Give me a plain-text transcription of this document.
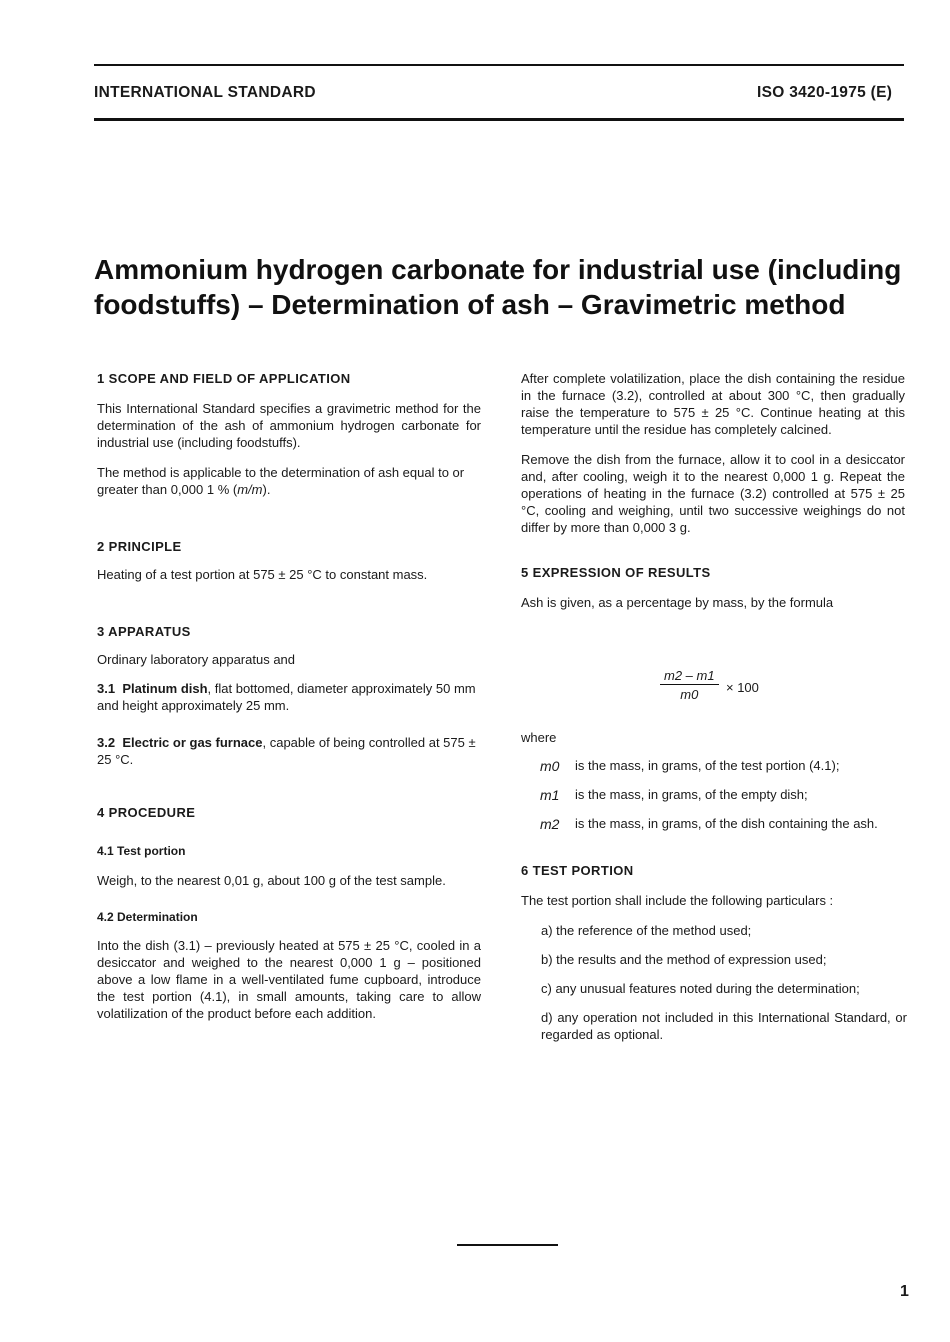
INTERNATIONAL STANDARD	ISO 3420-1975 (E)
Ammonium hydrogen carbonate for industrial use (including
foodstuffs) – Determination of ash – Gravimetric method

1 SCOPE AND FIELD OF APPLICATION

This International Standard specifies a gravimetric method for the determination of the ash of ammonium hydrogen carbonate for industrial use (including foodstuffs).

The method is applicable to the determination of ash equal to or greater than 0,000 1 % (m/m).

2 PRINCIPLE

Heating of a test portion at 575 ± 25 °C to constant mass.

3 APPARATUS

Ordinary laboratory apparatus and

3.1 Platinum dish, flat bottomed, diameter approximately 50 mm and height approximately 25 mm.

3.2 Electric or gas furnace, capable of being controlled at 575 ± 25 °C.

4 PROCEDURE

4.1 Test portion

Weigh, to the nearest 0,01 g, about 100 g of the test sample.

4.2 Determination

Into the dish (3.1) – previously heated at 575 ± 25 °C, cooled in a desiccator and weighed to the nearest 0,000 1 g – positioned above a low flame in a well-ventilated fume cupboard, introduce the test portion (4.1), in small amounts, taking care to allow volatilization of the product before each addition.

After complete volatilization, place the dish containing the residue in the furnace (3.2), controlled at about 300 °C, then gradually raise the temperature to 575 ± 25 °C. Continue heating at this temperature until the residue has completely calcined.

Remove the dish from the furnace, allow it to cool in a desiccator and, after cooling, weigh it to the nearest 0,000 1 g. Repeat the operations of heating in the furnace (3.2) controlled at 575 ± 25 °C, cooling and weighing, until two successive weighings do not differ by more than 0,000 3 g.

5 EXPRESSION OF RESULTS

Ash is given, as a percentage by mass, by the formula

$\frac{m2 - m1}{m0} \times 100$
where
m0 is the mass, in grams, of the test portion (4.1);
m1 is the mass, in grams, of the empty dish;
m2 is the mass, in grams, of the dish containing the ash.

6 TEST PORTION

The test portion shall include the following particulars :

a) the reference of the method used;

b) the results and the method of expression used;

c) any unusual features noted during the determination;

d) any operation not included in this International Standard, or regarded as optional.

1
